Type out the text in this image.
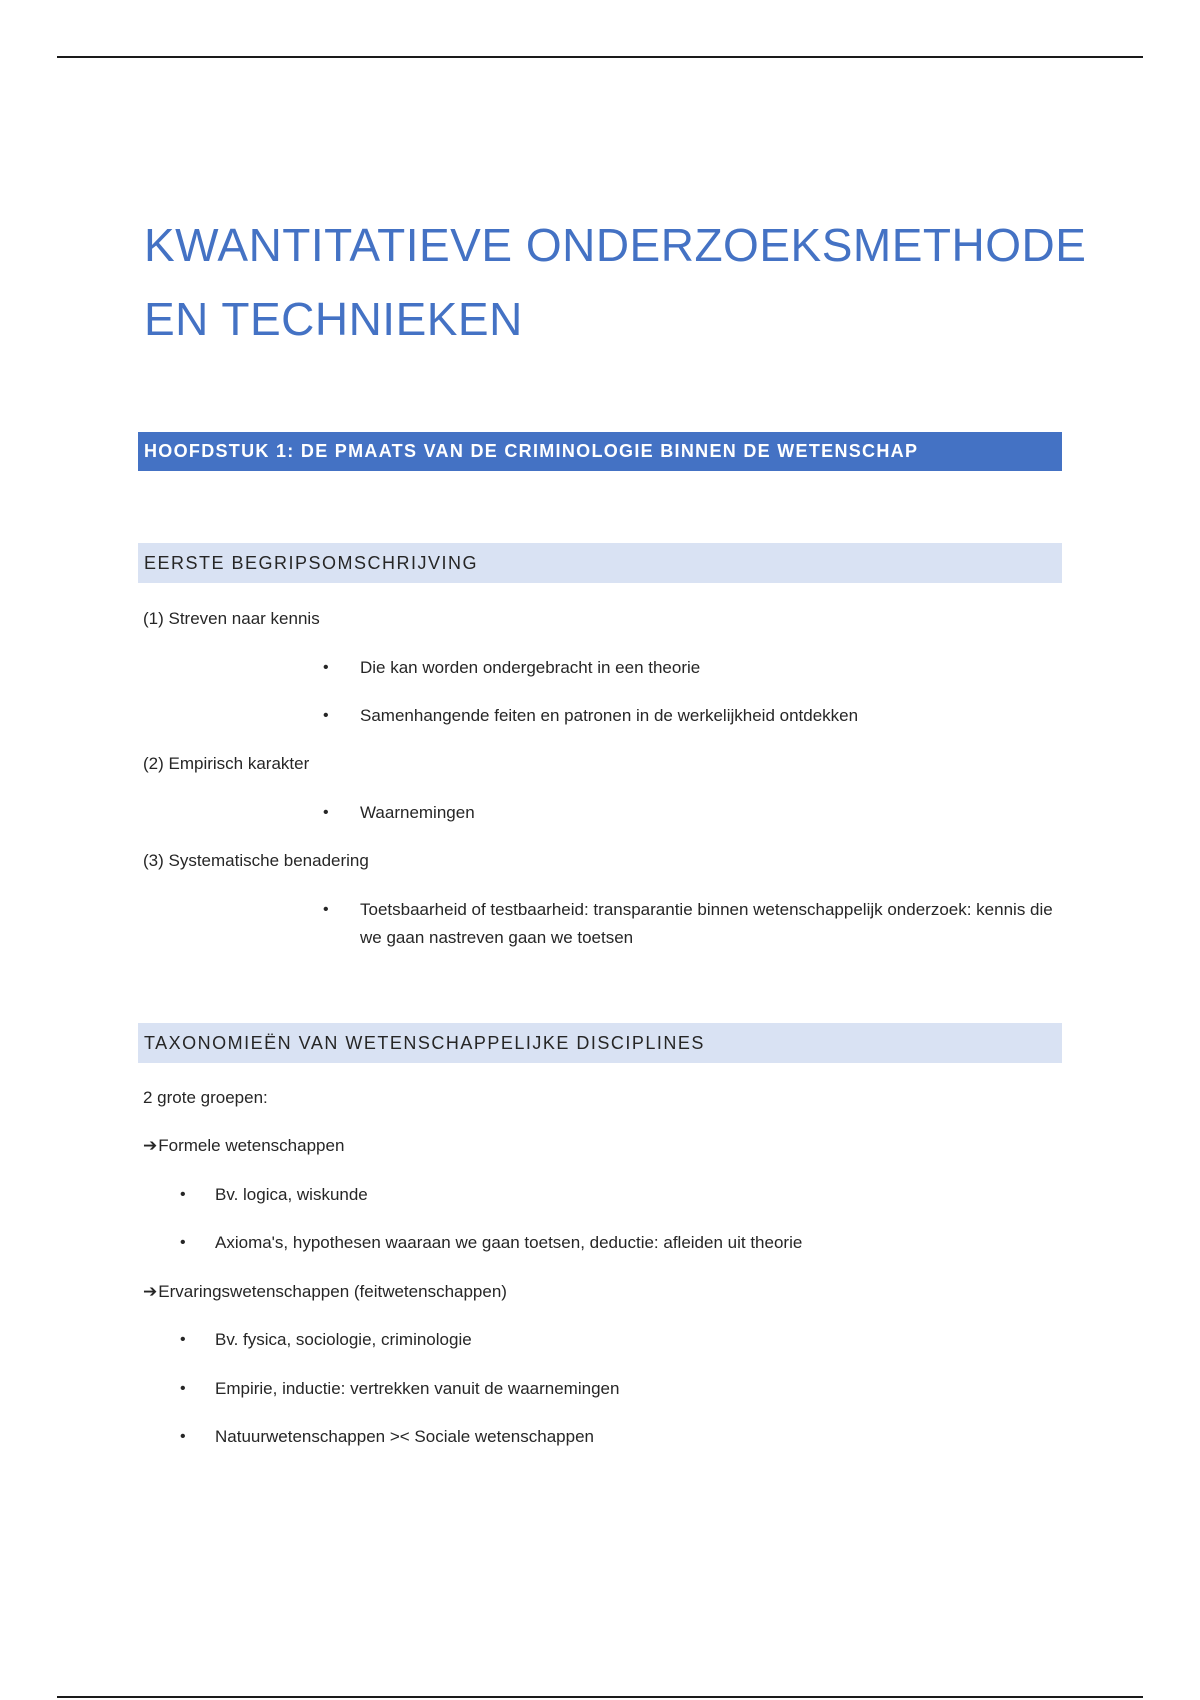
KWANTITATIEVE ONDERZOEKSMETHODE
EN TECHNIEKEN
HOOFDSTUK 1: DE PMAATS VAN DE CRIMINOLOGIE BINNEN DE WETENSCHAP
EERSTE BEGRIPSOMSCHRIJVING
(1) Streven naar kennis
• Die kan worden ondergebracht in een theorie
• Samenhangende feiten en patronen in de werkelijkheid ontdekken
(2) Empirisch karakter
• Waarnemingen
(3) Systematische benadering
• Toetsbaarheid of testbaarheid: transparantie binnen wetenschappelijk onderzoek: kennis die we gaan nastreven gaan we toetsen
TAXONOMIEËN VAN WETENSCHAPPELIJKE DISCIPLINES
2 grote groepen:
➔Formele wetenschappen
• Bv. logica, wiskunde
• Axioma's, hypothesen waaraan we gaan toetsen, deductie: afleiden uit theorie
➔Ervaringswetenschappen (feitwetenschappen)
• Bv. fysica, sociologie, criminologie
• Empirie, inductie: vertrekken vanuit de waarnemingen
• Natuurwetenschappen >< Sociale wetenschappen
